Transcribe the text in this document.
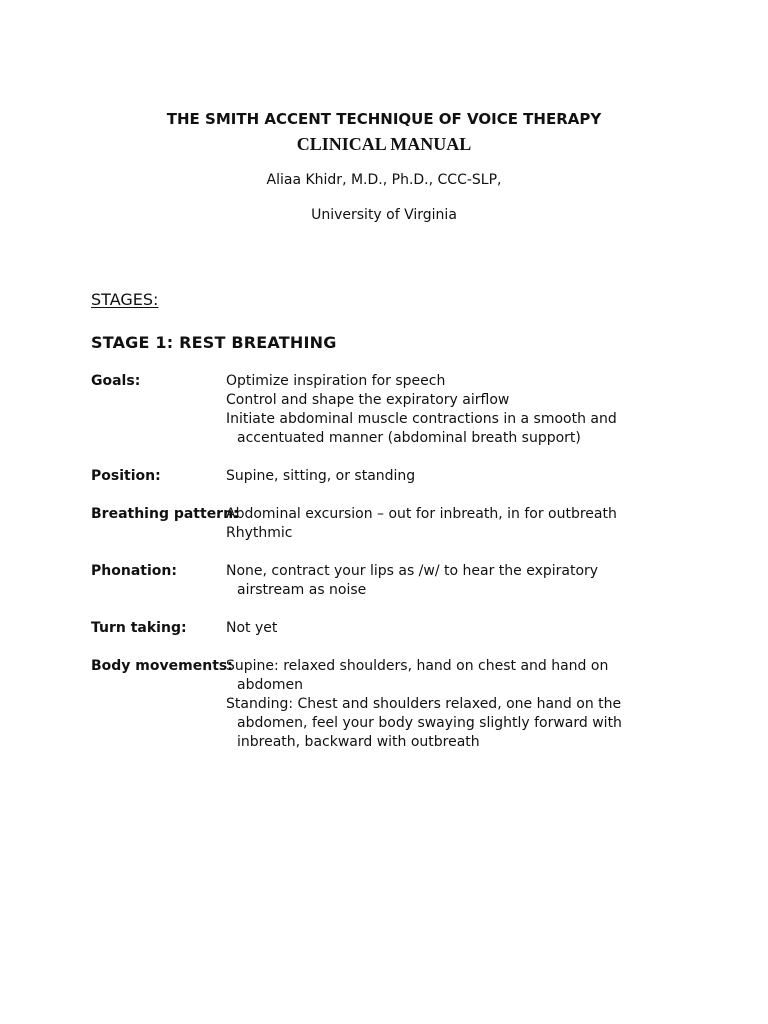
THE SMITH ACCENT TECHNIQUE OF VOICE THERAPY
CLINICAL MANUAL
Aliaa Khidr, M.D., Ph.D., CCC-SLP,
University of Virginia
STAGES:
STAGE 1: REST BREATHING
Goals:	Optimize inspiration for speech
Control and shape the expiratory airflow
Initiate abdominal muscle contractions in a smooth and
accentuated manner (abdominal breath support)
Position:	Supine, sitting, or standing
Breathing pattern:
Abdominal excursion – out for inbreath, in for outbreath
Rhythmic
Phonation:	None, contract your lips as /w/ to hear the expiratory
airstream as noise
Turn taking:	Not yet
Body movements:
Supine: relaxed shoulders, hand on chest and hand on
abdomen
Standing: Chest and shoulders relaxed, one hand on the
abdomen, feel your body swaying slightly forward with
inbreath, backward with outbreath
